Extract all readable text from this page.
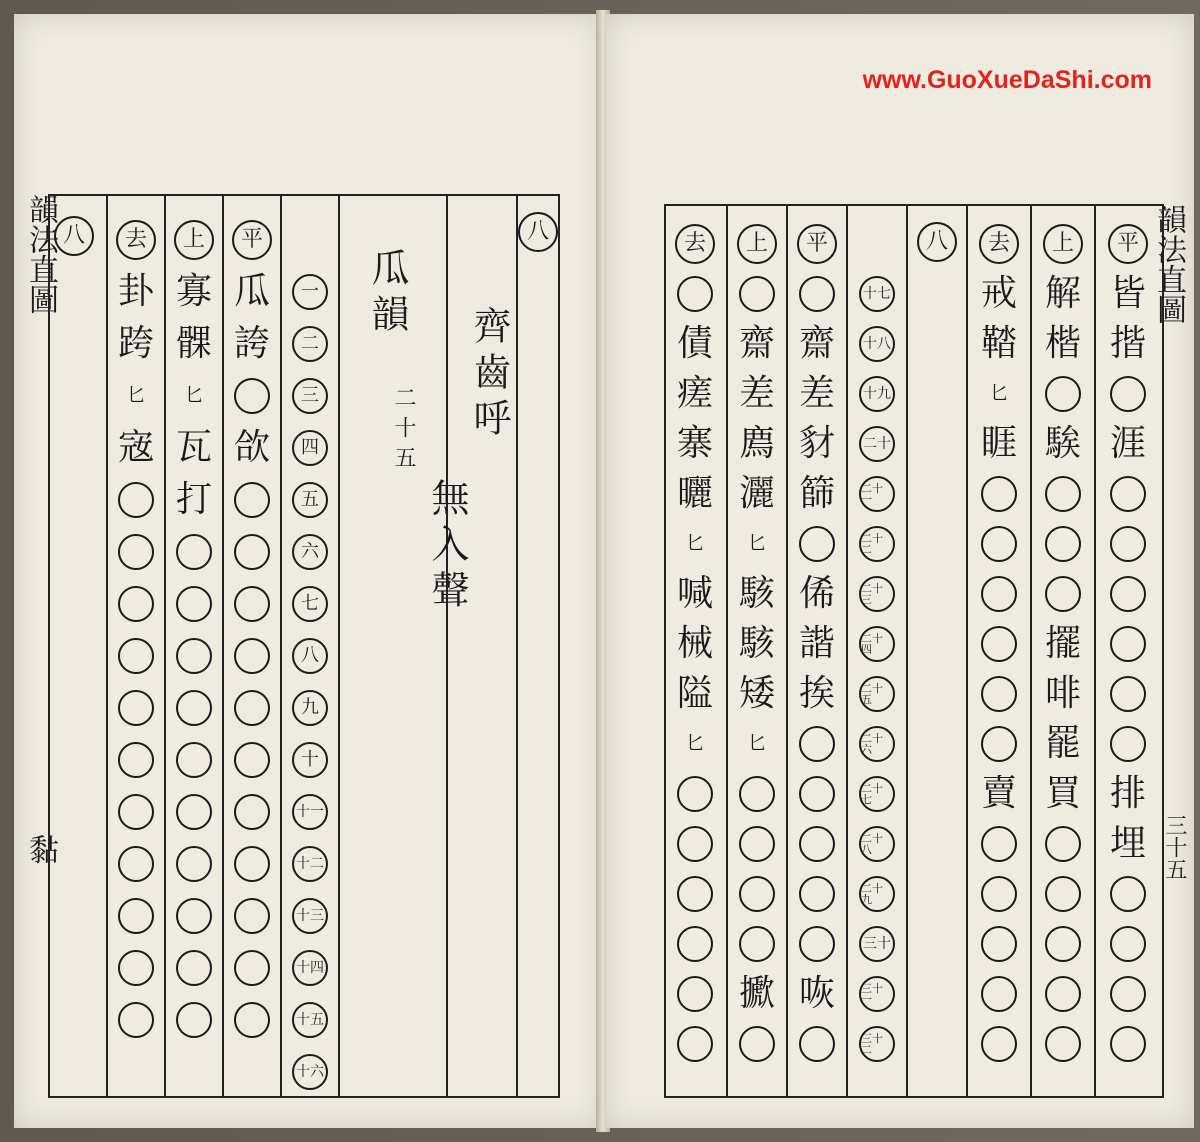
韻法直圖
黏
八	去
卦
跨
匕
宼
上
寡
髁
匕
瓦
打
平
瓜
誇
欱
一
二
三
四
五
六
七
八
九
十
十一
十二
十三
十四
十五
十六
瓜韻
二十五 齊齒呼
無入聲
八
www.GuoXueDaShi.com
韻法直圖
三十五
去
債
瘥
寨
曬
匕
喊
械
隘
匕
上
齋
差
廌
灑
匕
駭
駭
矮
匕
擨
平
齋
差
豺
篩
俙
諧
挨
咴
十七
十八
十九
二十
二十一
二十二
二十三
二十四
二十五
二十六
二十七
二十八
二十九
三十
三十一
三十二
八	去
戒
鞜
匕
睚
賣
上
解
楷
騃
擺
啡
罷
買
平
皆
揩
涯
排
埋
